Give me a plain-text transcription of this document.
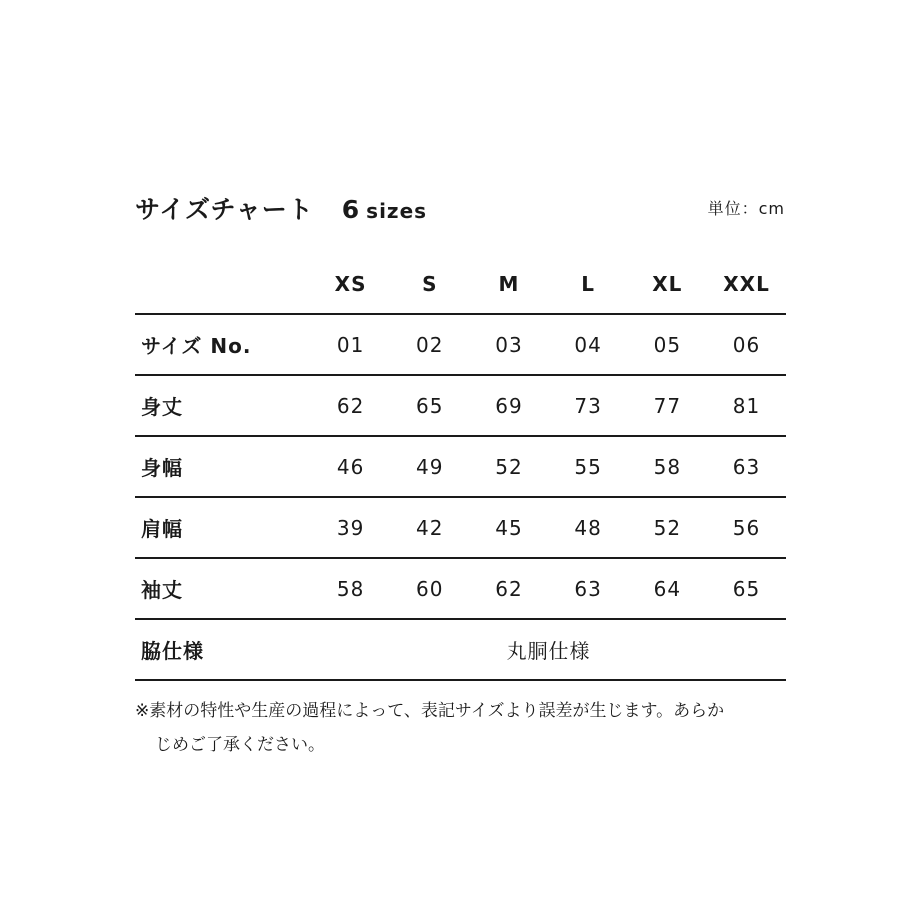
サイズチャート 6 sizes	単位：cm
	XS	S	M	L	XL	XXL
サイズ No.	01	02	03	04	05	06
身丈	62	65	69	73	77	81
身幅	46	49	52	55	58	63
肩幅	39	42	45	48	52	56
袖丈	58	60	62	63	64	65
脇仕様	丸胴仕様					
※素材の特性や生産の過程によって、表記サイズより誤差が生じます。あらか
じめご了承ください。
